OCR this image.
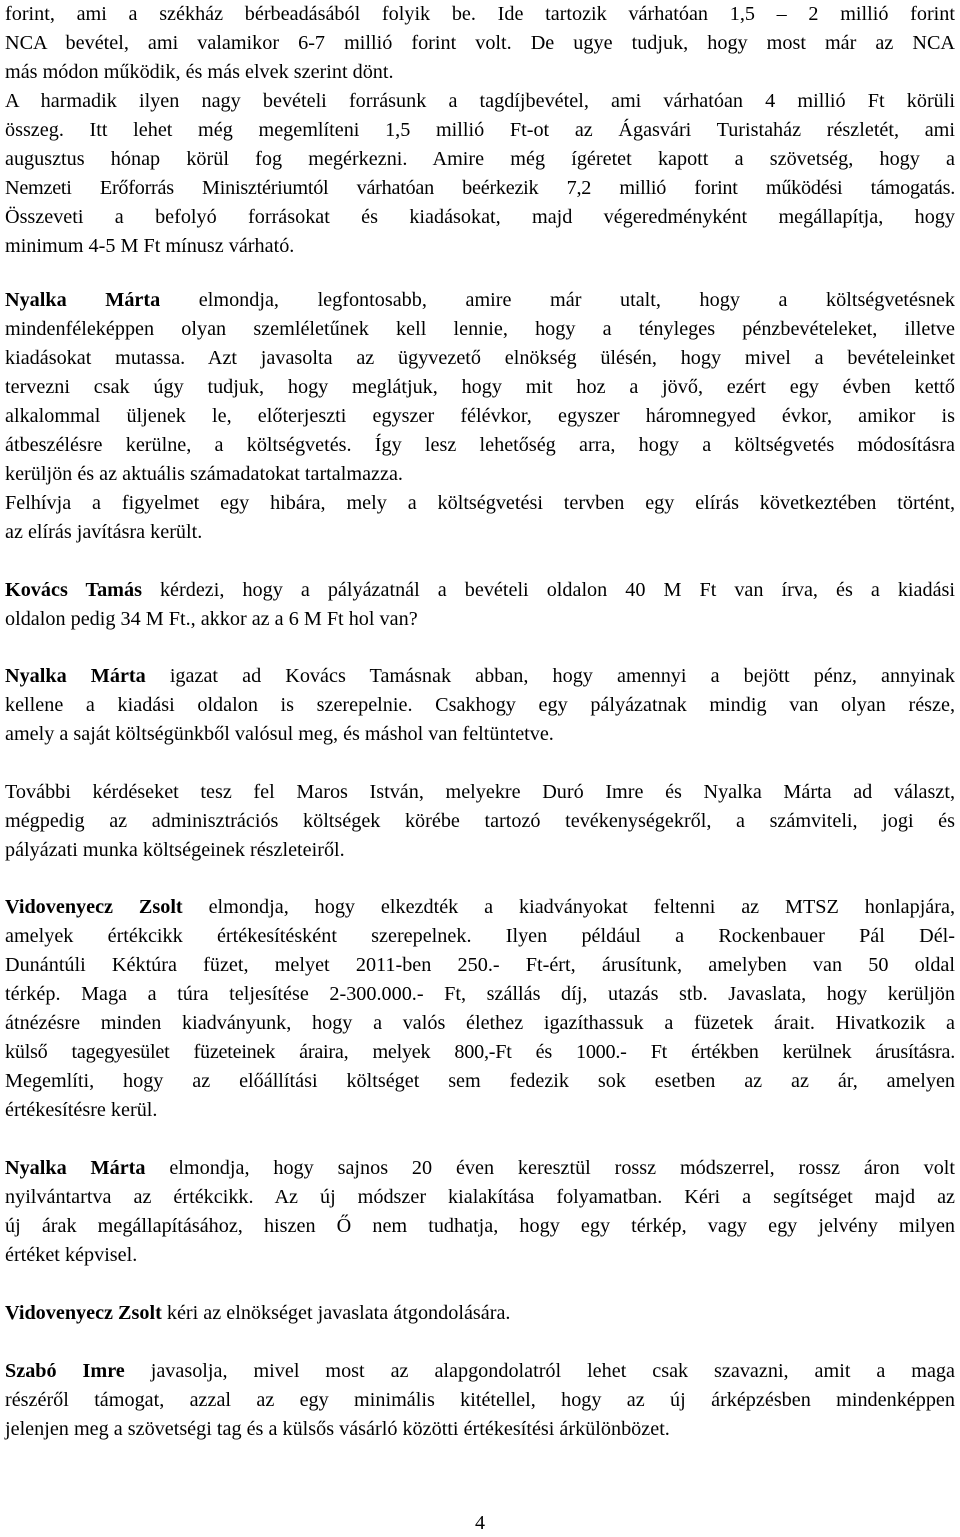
forint, ami a székház bérbeadásából folyik be. Ide tartozik várhatóan 1,5 – 2 millió forint
NCA bevétel, ami valamikor 6-7 millió forint volt. De ugye tudjuk, hogy most már az NCA
más módon működik, és más elvek szerint dönt.
A harmadik ilyen nagy bevételi forrásunk a tagdíjbevétel, ami várhatóan 4 millió Ft körüli
összeg. Itt lehet még megemlíteni 1,5 millió Ft-ot az Ágasvári Turistaház részletét, ami
augusztus hónap körül fog megérkezni. Amire még ígéretet kapott a szövetség, hogy a
Nemzeti Erőforrás Minisztériumtól várhatóan beérkezik 7,2 millió forint működési támogatás.
Összeveti a befolyó forrásokat és kiadásokat, majd végeredményként megállapítja, hogy
minimum 4-5 M Ft mínusz várható.
Nyalka Márta elmondja, legfontosabb, amire már utalt, hogy a költségvetésnek
mindenféleképpen olyan szemléletűnek kell lennie, hogy a tényleges pénzbevételeket, illetve
kiadásokat mutassa. Azt javasolta az ügyvezető elnökség ülésén, hogy mivel a bevételeinket
tervezni csak úgy tudjuk, hogy meglátjuk, hogy mit hoz a jövő, ezért egy évben kettő
alkalommal üljenek le, előterjeszti egyszer félévkor, egyszer háromnegyed évkor, amikor is
átbeszélésre kerülne, a költségvetés. Így lesz lehetőség arra, hogy a költségvetés módosításra
kerüljön és az aktuális számadatokat tartalmazza.
Felhívja a figyelmet egy hibára, mely a költségvetési tervben egy elírás következtében történt,
az elírás javításra került.
Kovács Tamás kérdezi, hogy a pályázatnál a bevételi oldalon 40 M Ft van írva, és a kiadási
oldalon pedig 34 M Ft., akkor az a 6 M Ft hol van?
Nyalka Márta igazat ad Kovács Tamásnak abban, hogy amennyi a bejött pénz, annyinak
kellene a kiadási oldalon is szerepelnie. Csakhogy egy pályázatnak mindig van olyan része,
amely a saját költségünkből valósul meg, és máshol van feltüntetve.
További kérdéseket tesz fel Maros István, melyekre Duró Imre és Nyalka Márta ad választ,
mégpedig az adminisztrációs költségek körébe tartozó tevékenységekről, a számviteli, jogi és
pályázati munka költségeinek részleteiről.
Vidovenyecz Zsolt elmondja, hogy elkezdték a kiadványokat feltenni az MTSZ honlapjára,
amelyek értékcikk értékesítésként szerepelnek. Ilyen például a Rockenbauer Pál Dél-
Dunántúli Kéktúra füzet, melyet 2011-ben 250.- Ft-ért, árusítunk, amelyben van 50 oldal
térkép. Maga a túra teljesítése 2-300.000.- Ft, szállás díj, utazás stb. Javaslata, hogy kerüljön
átnézésre minden kiadványunk, hogy a valós élethez igazíthassuk a füzetek árait. Hivatkozik a
külső tagegyesület füzeteinek áraira, melyek 800,-Ft és 1000.- Ft értékben kerülnek árusításra.
Megemlíti, hogy az előállítási költséget sem fedezik sok esetben az az ár, amelyen
értékesítésre kerül.
Nyalka Márta elmondja, hogy sajnos 20 éven keresztül rossz módszerrel, rossz áron volt
nyilvántartva az értékcikk. Az új módszer kialakítása folyamatban. Kéri a segítséget majd az
új árak megállapításához, hiszen Ő nem tudhatja, hogy egy térkép, vagy egy jelvény milyen
értéket képvisel.
Vidovenyecz Zsolt kéri az elnökséget javaslata átgondolására.
Szabó Imre javasolja, mivel most az alapgondolatról lehet csak szavazni, amit a maga
részéről támogat, azzal az egy minimális kitétellel, hogy az új árképzésben mindenképpen
jelenjen meg a szövetségi tag és a külsős vásárló közötti értékesítési árkülönbözet.
4
